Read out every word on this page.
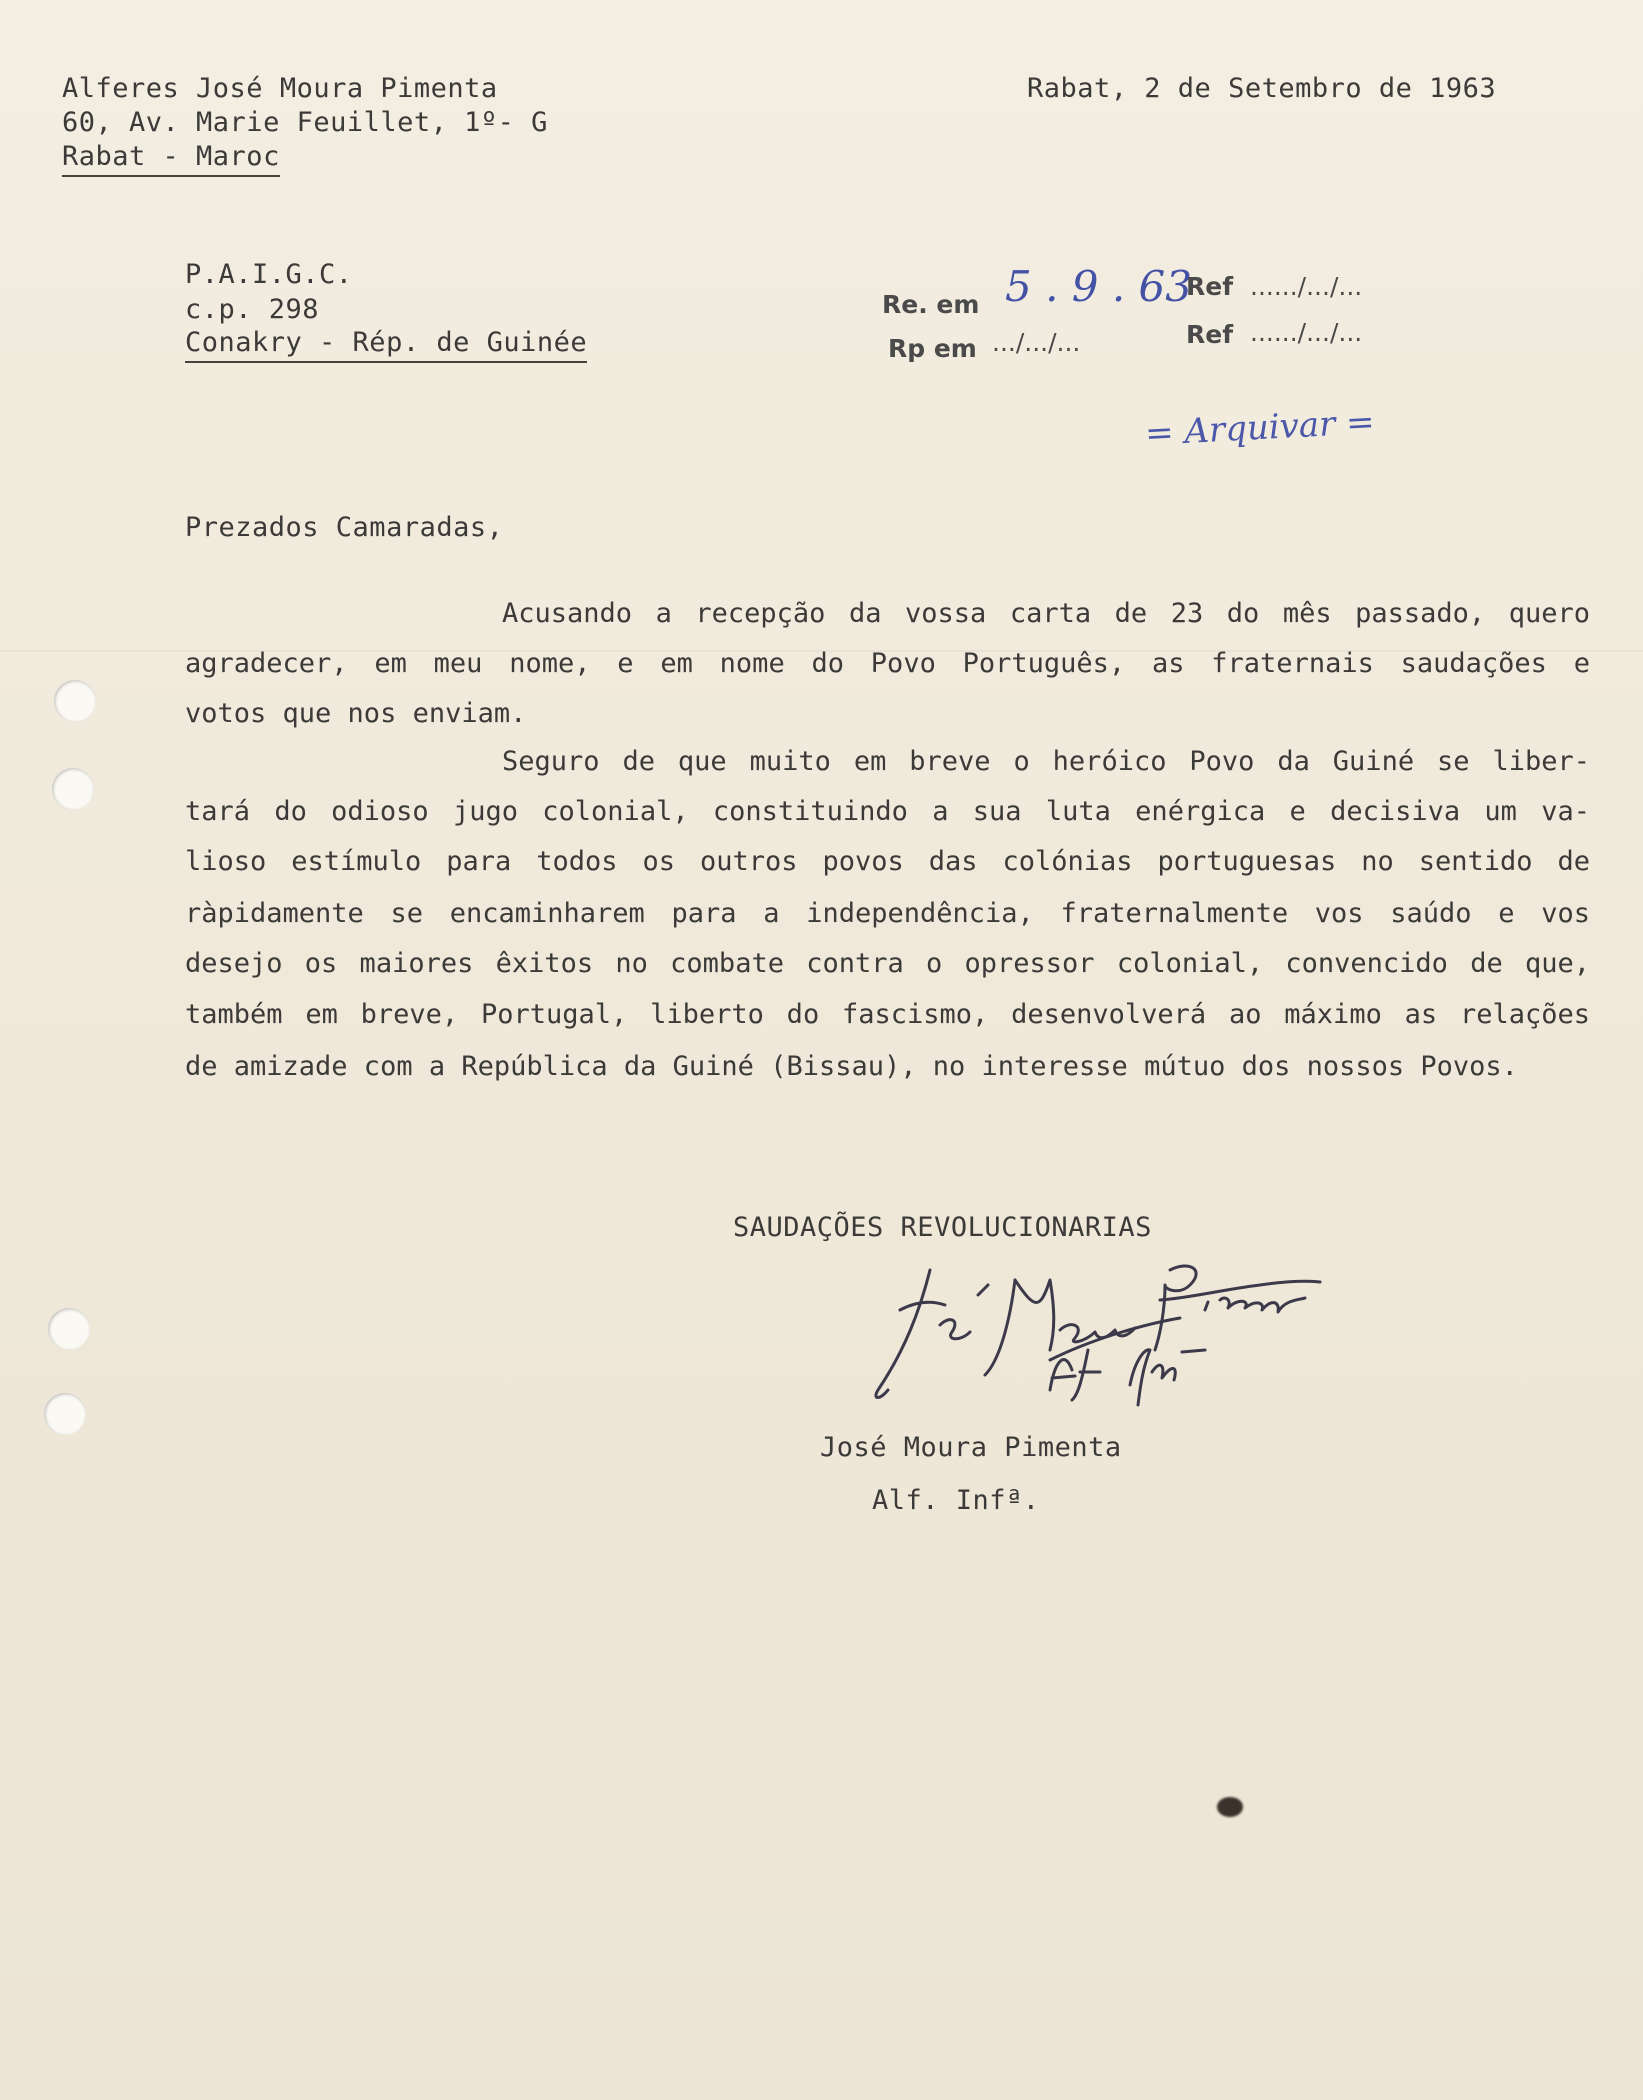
Alferes José Moura Pimenta
60, Av. Marie Feuillet, 1º- G
Rabat - Maroc
Rabat, 2 de Setembro de 1963
P.A.I.G.C.
c.p. 298
Conakry - Rép. de Guinée
Re. em 5 . 9 . 63
Ref ....../.../...
Rp em .../.../...	Ref ....../.../...
= Arquivar =
Prezados Camaradas,
Acusando a recepção da vossa carta de 23 do mês passado, quero
agradecer, em meu nome, e em nome do Povo Português, as fraternais saudações e
votos que nos enviam.
Seguro de que muito em breve o heróico Povo da Guiné se liber-
tará do odioso jugo colonial, constituindo a sua luta enérgica e decisiva um va-
lioso estímulo para todos os outros povos das colónias portuguesas no sentido de
ràpidamente se encaminharem para a independência, fraternalmente vos saúdo e vos
desejo os maiores êxitos no combate contra o opressor colonial, convencido de que,
também em breve, Portugal, liberto do fascismo, desenvolverá ao máximo as relações
de amizade com a República da Guiné (Bissau), no interesse mútuo dos nossos Povos.
SAUDAÇÕES REVOLUCIONARIAS
José Moura Pimenta
Alf. Infª.
